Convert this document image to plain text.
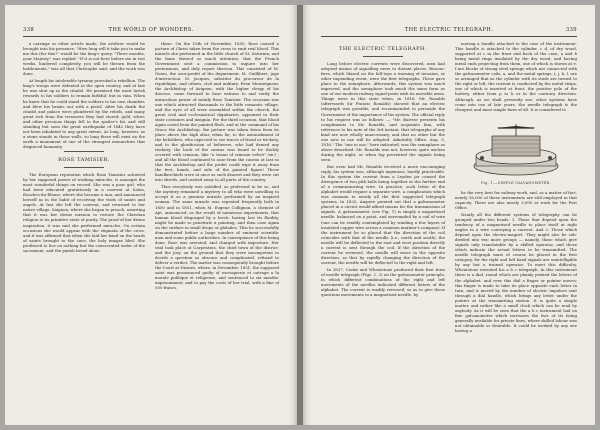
338	THE WORLD OF WONDERS.

a carriage or other article made, the artificer would be brought into his presence. "How long will it take you to make me this (for this?" would be the king's query. "Three months, your Majesty," was replied. "If it is not here before me in two weeks, hindered completely, you will be thrown from the battlements," was all that Christophe said, and the work was done.

At length his intolerable tyranny provoked a rebellion. The king's troops were defeated in the open country, and at last he was shut up in the citadel. He promised the most lavish rewards to his soldiers to remain faithful; but in vain. When he knew that he could stand the soldiers to his own chamber, and blew his brains out with a pistol. After his death the citadel and palace were plundered by the rebels, and many great rich from the treasures they had stored; gold, silver, and other precious things fell to the spoiler's lot, and still standing but soon the great earthquake of 1842 they have not been inhabited to any great extent. As long, however, as a stone stands in those walls, so long there will exist on the earth a monument of one of the strangest monarchies that disgraced humanity.

ROSE TAMISIER.

The European reputation which Rose Tamisier achieved by her supposed power of working miracles, is amongst the most wonderful things on record. She was a poor girl, who had been educated gratuitously in a convent at Salon, Bouches-du-Rhone, where she became a nun, and announced herself as in the habit of receiving the visits of saints and angels. At last she left the convent, and returned to her native village, Saignon, where she began to preach, asserting that it was her divine mission to restore the Christian religion to its primitive state of purity. The proof of her divine inspiration, it was said she performed miracles. On certain occasions she would appear with the stigmata of the cross, and it was affirmed that when she laid her hand on the heads of saints brought to the cave, the holy images bled. She professed to live on nothing but the consecrated wafer of the sacrament, and the parish bread alone.

those. On the 10th of November, 1850, Rose caused a picture of Christ taken from the cross to emit real blood. This miracle she performed in the little church of St. Saturnin; and the fame thereof so much attention, that the French Government sent a commission to inquire into her pretensions, and duly report thereon. This consisted of M. Guiou, the sous-prefet of the department, M. Guillibert, juge d'instruction, M. Jacques, substitut du procureur de la republique, and others, civil and military. Even Monseigneur, the Archbishop of Avignon, with the higher clergy of his diocese, came forward to bear witness to and verify the miraculous power of saintly Rose Tamisier. The occasion was one which attracted thousands to the little romantic village, and the eyes of all were assembled within the church, the great civil and ecclesiastical dignitaries, appeared in their state costumes and insignia. For the third occasion, that blood again oozed from the painted flesh, and at the command of his Grace the Archbishop, the picture was taken down from its place above the high altar, when he; to the astonishment of the beholders, who expected to see traces of fraud or trickery, and to the glorification of believers, who had denied any trickery, the back of the canvas was found to be thickly covered with crimson, like "a tissue of crimson velvet" (sic) ; and all the blood continued to ooze from the canvas at last so that the Archbishop and the prefet could wipe it away from the feet, hands, and side of the painted figure! These handkerchiefs were at once as such dearest and they were cut into shreds, and carried away to all parts of the country.

Thus everybody was satisfied, as professed to be so, and the mystery remained a mystery to all who were unwilling to accept it as a genuine miracle performed by an inspired woman. The same miracle was repeated frequently both in 1850 and in 1851, when M. Eugene Collignon, a chemist of Apt, announced, as the result of numerous experiments, that human blood disgorged by a leech, having lost its fluidity, might be made to penetrate a painting, and then ooze again on the surface in small drops or globules. This he successfully demonstrated before a large number of eminent scientific men and some public authorities. In consequence of this being done, Rose was arrested, and charged with imposture. Her trial took place at Carpentras, the chief town of the district; and the jury, on the ground that they were incompetent to decide a question so obscure and complicated, refused to deliver a verdict. The matter was consequently brought before the Court at Nismes, where, in November, 1851, the supposed saint was pronounced guilty of escroquerie et outrage a la morale publique et religieuse, and sentenced to six months' imprisonment, and to pay the costs of her trial, with a fine of 500 francs.

THE ELECTRIC TELEGRAPH.	339
THE ELECTRIC TELEGRAPH.

Long before electric currents were discovered, men had adopted means of signalling news to distant places. Beacon-fires, which blazed on the hill-tops a warning of invasion, or other impending event, were the first telegraphs. These gave place to the semaphore. Afterwards, this system was much improved, and the semaphore took much the same form as one of our modern railway signal-posts with its movable arms. Things were in this state when, in 1816, Mr. Ronalds (afterwards Sir Francis Ronalds) showed that an electric telegraph was possible, and recommended to persuade the Government of the importance of his system. The official reply to his request was as follows: — "Mr. Barrow presents his compliments to Mr. Ronalds, and acquaints him, with reference to his note of the 3rd instant, that telegraphs of any kind are now wholly unnecessary, and that no other but the one now in use will be adopted. Admiralty Office, Aug. 5, 1816." The "one in use," here indicated, was the semaphore as above described. Mr. Ronalds was not, however, quite useless during the night, or when fog prevented the signals being seen.

But even had Mr. Ronalds received a more encouraging reply, his system was, although ingenious, hardly practicable. In this system the current from a Leyden jar caused the divergence of two pith balls being together at the further end of a communicating wire. In practice, such letter of the alphabet would require a separate wire, a complication which was common to nearly all the first suggested telegraph systems. In 1820, Ampere pointed out that a galvanometer placed in a circuit would afford means for the transmission of signals. A galvanometer (see Fig. 1) is simply a magnetised needle, balanced on a point, and surrounded by a coil of wire (one can be readily contemplated by winding a few layers of insulated copper wire across a common mariner's compass). If the instrument be so placed that the direction of the coil coincides with that of the needle (i.e., north and south), the needle will be deflected to the east and west position directly a current is sent through the coil. If the direction of the current be reversed, the needle will move in the opposite direction; so that by rapidly changing the direction of the current, the needle will be deflected to the right and left.

In 1837, Cooke and Wheatstone produced their first form of needle telegraph (Figs. 2, 3) on the galvanometer principle, in which different combinations of the right and left movements of the needles indicated different letters of the alphabet. The current is readily reversed, so as to give these questions movements to a magnetised needle, by

moving a handle attached to the case of the instrument. This handle is attached to the cylinder, c d, of dry wood, supported at c in the front and back of the case; a and b being metal rings insulated by the dry wood, and having metal ends projecting from them, one of which is shown at e. f are blocks of strong steel springs which are connected with the galvanometer coils, a, and the metal springs, i, j, k, l, are so arranged that as the cylinder with its studs are turned to the right or left, the current is conducted by the metal strips, one of which is inserted at front, the positive pole of the battery, either from p to h or in the contrary direction. Although, as we shall presently see, other systems have come into use of late years, the needle telegraph is the cheapest and most simple form of all. It is considered to

Fig. 1.—SIMPLE GALVANOMETER.

be the very best for railway work, and, as a matter of fact, nearly 16,000 of these instruments are still employed in that capacity. There are also nearly 3,000 at work for the Post Office.

Nearly all the different systems of telegraphy can be grouped under two heads. 1. Those that depend upon the tendency of a magnetised needle to place itself at right angles to a wire conveying a current. And 2. Those which depend upon the electro-magnet. They might also be sub-divided into two more groups — namely, those which give signals only translatable by a skilled operator, and those which indicate the actual letters to be transmitted. The needle telegraph must of course be placed in the first category, for the right and left hand signals are unintelligible by any but a trained operator. To meet this difficulty, Wheatstone invented his a b c telegraph. In this instrument there is a dial, round which are plainly printed the letters of the alphabet, and over this dial a finger or pointer moves; this finger is made to take its place opposite each letter in turn, and is moved by the number of electric impulses sent through a dial handle, which brings any letter under the pointer at the transmitting station. It is quite a simple matter, and rather like a small clock which can be read by anybody. As it will be seen that the a b c instrument had on fine galvanometer which increases the fact of its being generally available for private lines, where skilled labour was not obtainable or desirable. It could be worked by any one having a
